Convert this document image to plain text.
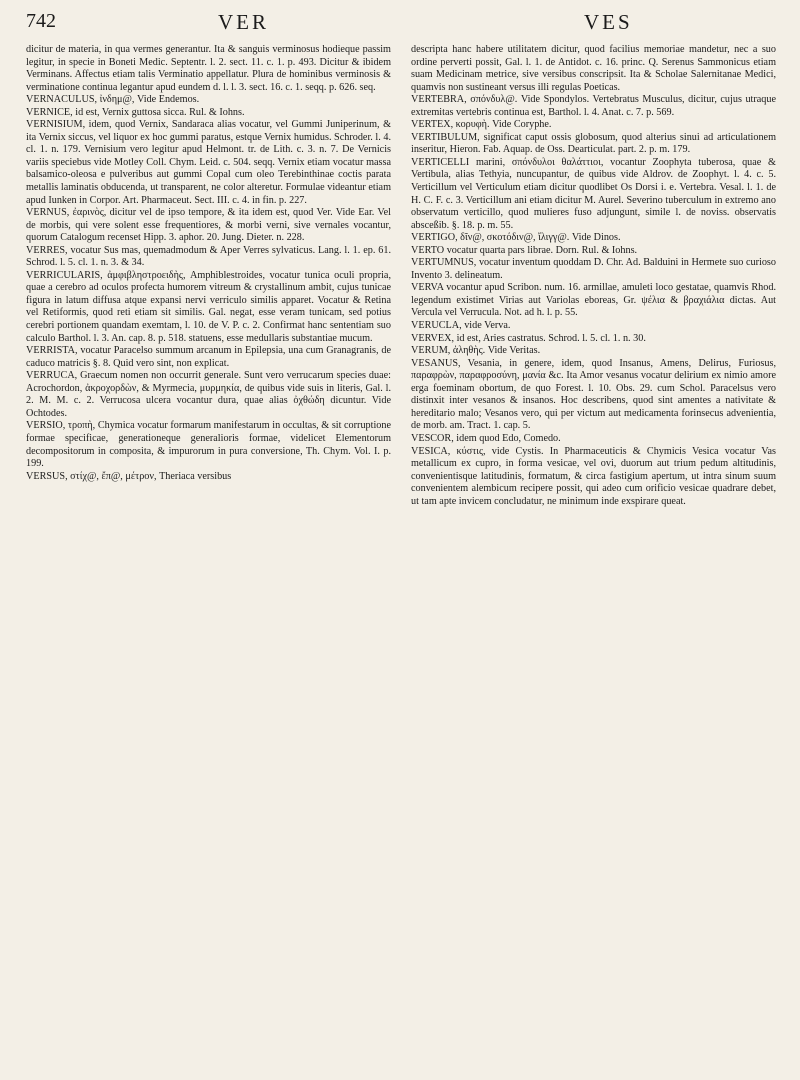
742	VER	VES

dicitur de materia, in qua vermes generantur. Ita & sanguis verminosus hodieque passim legitur, in specie in Boneti Medic. Septentr. l. 2. sect. 11. c. 1. p. 493. Dicitur & ibidem Verminans. Affectus etiam talis Verminatio appellatur. Plura de hominibus verminosis & verminatione continua legantur apud eundem d. l. l. 3. sect. 16. c. 1. seqq. p. 626. seq.

VERNACULUS, ἰνδημ@, Vide Endemos.

VERNICE, id est, Vernix guttosa sicca. Rul. & Iohns.

VERNISIUM, idem, quod Vernix, Sandaraca alias vocatur, vel Gummi Juniperinum, & ita Vernix siccus, vel liquor ex hoc gummi paratus, estque Vernix humidus. Schroder. l. 4. cl. 1. n. 179. Vernisium vero legitur apud Helmont. tr. de Lith. c. 3. n. 7. De Vernicis variis speciebus vide Motley Coll. Chym. Leid. c. 504. seqq. Vernix etiam vocatur massa balsamico-oleosa e pulveribus aut gummi Copal cum oleo Terebinthinae coctis parata metallis laminatis obducenda, ut transparent, ne color alteretur. Formulae videantur etiam apud Iunken in Corpor. Art. Pharmaceut. Sect. III. c. 4. in fin. p. 227.

VERNUS, ἐαρινὸς, dicitur vel de ipso tempore, & ita idem est, quod Ver. Vide Ear. Vel de morbis, qui vere solent esse frequentiores, & morbi verni, sive vernales vocantur, quorum Catalogum recenset Hipp. 3. aphor. 20. Jung. Dieter. n. 228.

VERRES, vocatur Sus mas, quemadmodum & Aper Verres sylvaticus. Lang. l. 1. ep. 61. Schrod. l. 5. cl. 1. n. 3. & 34.

VERRICULARIS, ἀμφιβληστροειδὴς, Amphiblestroides, vocatur tunica oculi propria, quae a cerebro ad oculos profecta humorem vitreum & crystallinum ambit, cujus tunicae figura in latum diffusa atque expansi nervi verriculo similis apparet. Vocatur & Retina vel Retiformis, quod reti etiam sit similis. Gal. negat, esse veram tunicam, sed potius cerebri portionem quandam exemtam, l. 10. de V. P. c. 2. Confirmat hanc sententiam suo calculo Barthol. l. 3. An. cap. 8. p. 518. statuens, esse medullaris substantiae mucum.

VERRISTA, vocatur Paracelso summum arcanum in Epilepsia, una cum Granagranis, de caduco matricis §. 8. Quid vero sint, non explicat.

VERRUCA, Graecum nomen non occurrit generale. Sunt vero verrucarum species duae: Acrochordon, ἀκροχορδὼν, & Myrmecia, μυρμηκία, de quibus vide suis in literis, Gal. l. 2. M. M. c. 2. Verrucosa ulcera vocantur dura, quae alias ὀχθώδη dicuntur. Vide Ochtodes.

VERSIO, τροπὴ, Chymica vocatur formarum manifestarum in occultas, & sit corruptione formae specificae, generationeque generalioris formae, videlicet Elementorum decompositorum in composita, & impurorum in pura conversione, Th. Chym. Vol. I. p. 199.

VERSUS, στίχ@, ἔπ@, μέτρον, Theriaca versibus

descripta hanc habere utilitatem dicitur, quod facilius memoriae mandetur, nec a suo ordine perverti possit, Gal. l. 1. de Antidot. c. 16. princ. Q. Serenus Sammonicus etiam suam Medicinam metrice, sive versibus conscripsit. Ita & Scholae Salernitanae Medici, quamvis non sustineant versus illi regulas Poeticas.

VERTEBRA, σπόνδυλ@. Vide Spondylos. Vertebratus Musculus, dicitur, cujus utraque extremitas vertebris continua est, Barthol. l. 4. Anat. c. 7. p. 569.

VERTEX, κορυφὴ. Vide Coryphe.

VERTIBULUM, significat caput ossis globosum, quod alterius sinui ad articulationem inseritur, Hieron. Fab. Aquap. de Oss. Dearticulat. part. 2. p. m. 179.

VERTICELLI marini, σπόνδυλοι θαλάττιοι, vocantur Zoophyta tuberosa, quae & Vertibula, alias Tethyia, nuncupantur, de quibus vide Aldrov. de Zoophyt. l. 4. c. 5. Verticillum vel Verticulum etiam dicitur quodlibet Os Dorsi i. e. Vertebra. Vesal. l. 1. de H. C. F. c. 3. Verticillum ani etiam dicitur M. Aurel. Severino tuberculum in extremo ano observatum verticillo, quod mulieres fuso adjungunt, simile l. de noviss. observatis absceßib. §. 18. p. m. 55.

VERTIGO, δῖν@, σκοτόδιν@, ἴλιγγ@. Vide Dinos.

VERTO vocatur quarta pars librae. Dorn. Rul. & Iohns.

VERTUMNUS, vocatur inventum quoddam D. Chr. Ad. Balduini in Hermete suo curioso Invento 3. delineatum.

VERVA vocantur apud Scribon. num. 16. armillae, amuleti loco gestatae, quamvis Rhod. legendum existimet Virias aut Variolas eboreas, Gr. ψέλια & βραχιάλια dictas. Aut Vercula vel Verrucula. Not. ad h. l. p. 55.

VERUCLA, vide Verva.

VERVEX, id est, Aries castratus. Schrod. l. 5. cl. 1. n. 30.

VERUM, ἀληθὴς. Vide Veritas.

VESANUS, Vesania, in genere, idem, quod Insanus, Amens, Delirus, Furiosus, παραφρὼν, παραφροσύνη, μανία &c. Ita Amor vesanus vocatur delirium ex nimio amore erga foeminam obortum, de quo Forest. l. 10. Obs. 29. cum Schol. Paracelsus vero distinxit inter vesanos & insanos. Hoc describens, quod sint amentes a nativitate & hereditario malo; Vesanos vero, qui per victum aut medicamenta forinsecus advenientia, de morb. am. Tract. 1. cap. 5.

VESCOR, idem quod Edo, Comedo.

VESICA, κύστις, vide Cystis. In Pharmaceuticis & Chymicis Vesica vocatur Vas metallicum ex cupro, in forma vesicae, vel ovi, duorum aut trium pedum altitudinis, convenientisque latitudinis, formatum, & circa fastigium apertum, ut intra sinum suum convenientem alembicum recipere possit, qui adeo cum orificio vesicae quadrare debet, ut tam apte invicem concludatur, ne minimum inde exspirare queat.
